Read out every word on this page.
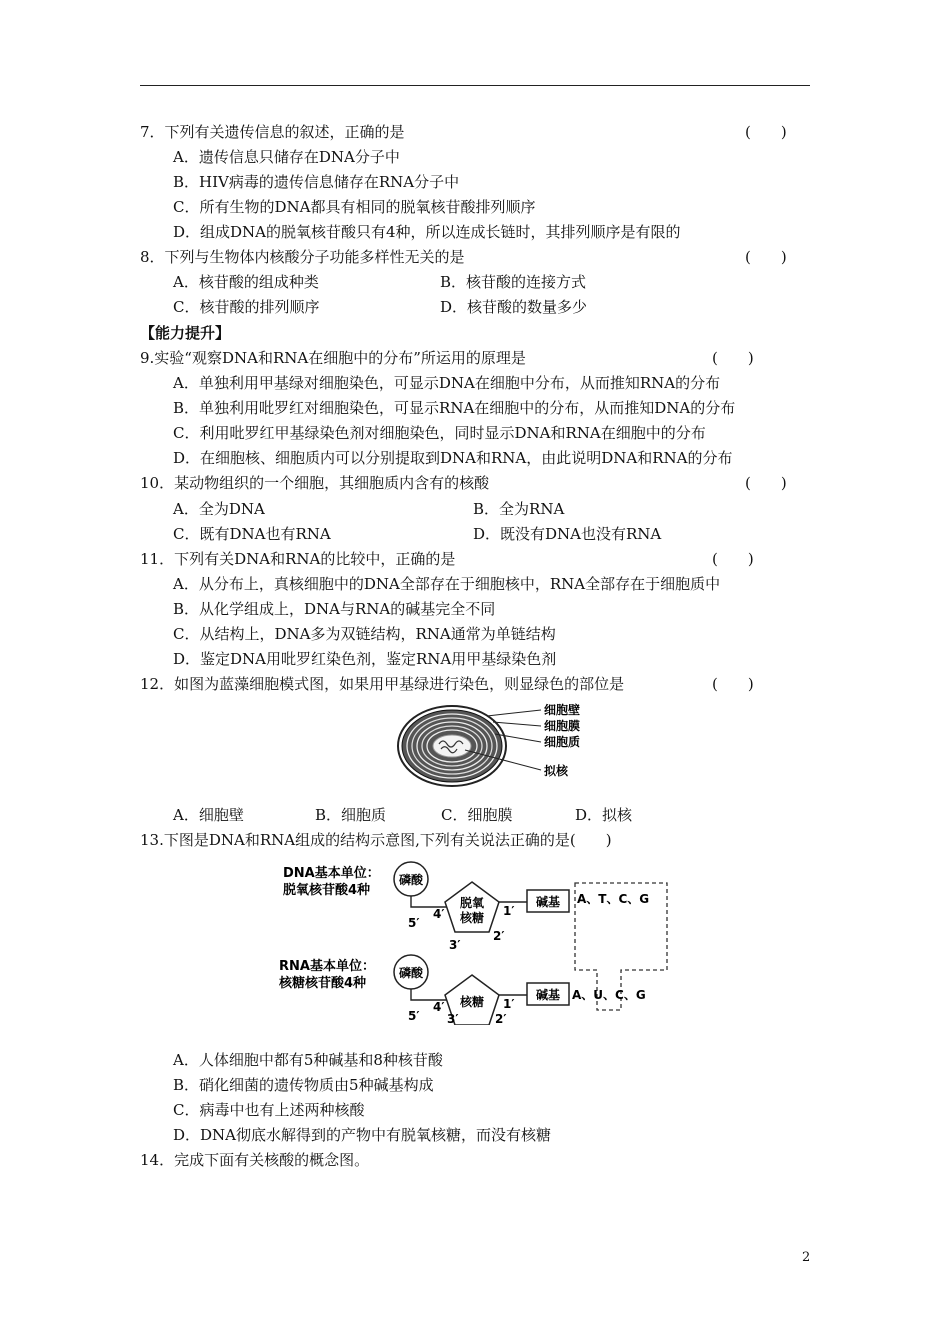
7．下列有关遗传信息的叙述，正确的是	(　　)
A．遗传信息只储存在DNA分子中
B．HIV病毒的遗传信息储存在RNA分子中
C．所有生物的DNA都具有相同的脱氧核苷酸排列顺序
D．组成DNA的脱氧核苷酸只有4种，所以连成长链时，其排列顺序是有限的
8．下列与生物体内核酸分子功能多样性无关的是	(　　)
A．核苷酸的组成种类	B．核苷酸的连接方式
C．核苷酸的排列顺序	D．核苷酸的数量多少
【能力提升】
9.实验“观察DNA和RNA在细胞中的分布”所运用的原理是	(　　)
A．单独利用甲基绿对细胞染色，可显示DNA在细胞中分布，从而推知RNA的分布
B．单独利用吡罗红对细胞染色，可显示RNA在细胞中的分布，从而推知DNA的分布
C．利用吡罗红甲基绿染色剂对细胞染色，同时显示DNA和RNA在细胞中的分布
D．在细胞核、细胞质内可以分别提取到DNA和RNA，由此说明DNA和RNA的分布
10．某动物组织的一个细胞，其细胞质内含有的核酸	(　　)
A．全为DNA	B．全为RNA
C．既有DNA也有RNA	D．既没有DNA也没有RNA
11．下列有关DNA和RNA的比较中，正确的是	(　　)
A．从分布上，真核细胞中的DNA全部存在于细胞核中，RNA全部存在于细胞质中
B．从化学组成上，DNA与RNA的碱基完全不同
C．从结构上，DNA多为双链结构，RNA通常为单链结构
D．鉴定DNA用吡罗红染色剂，鉴定RNA用甲基绿染色剂
12．如图为蓝藻细胞模式图，如果用甲基绿进行染色，则显绿色的部位是	(　　)
细胞壁
细胞膜
细胞质
拟核
A．细胞壁	B．细胞质	C．细胞膜	D．拟核
13.下图是DNA和RNA组成的结构示意图,下列有关说法正确的是(　　)
DNA基本单位：
脱氧核苷酸4种
磷酸
脱氧
核糖
碱基
5′
4′
3′
2′
1′
A、T、C、G
RNA基本单位：
核糖核苷酸4种
磷酸
核糖	碱基
5′
4′
3′	2′
1′
A、U、C、G
A．人体细胞中都有5种碱基和8种核苷酸
B．硝化细菌的遗传物质由5种碱基构成
C．病毒中也有上述两种核酸
D．DNA彻底水解得到的产物中有脱氧核糖，而没有核糖
14．完成下面有关核酸的概念图。
2
